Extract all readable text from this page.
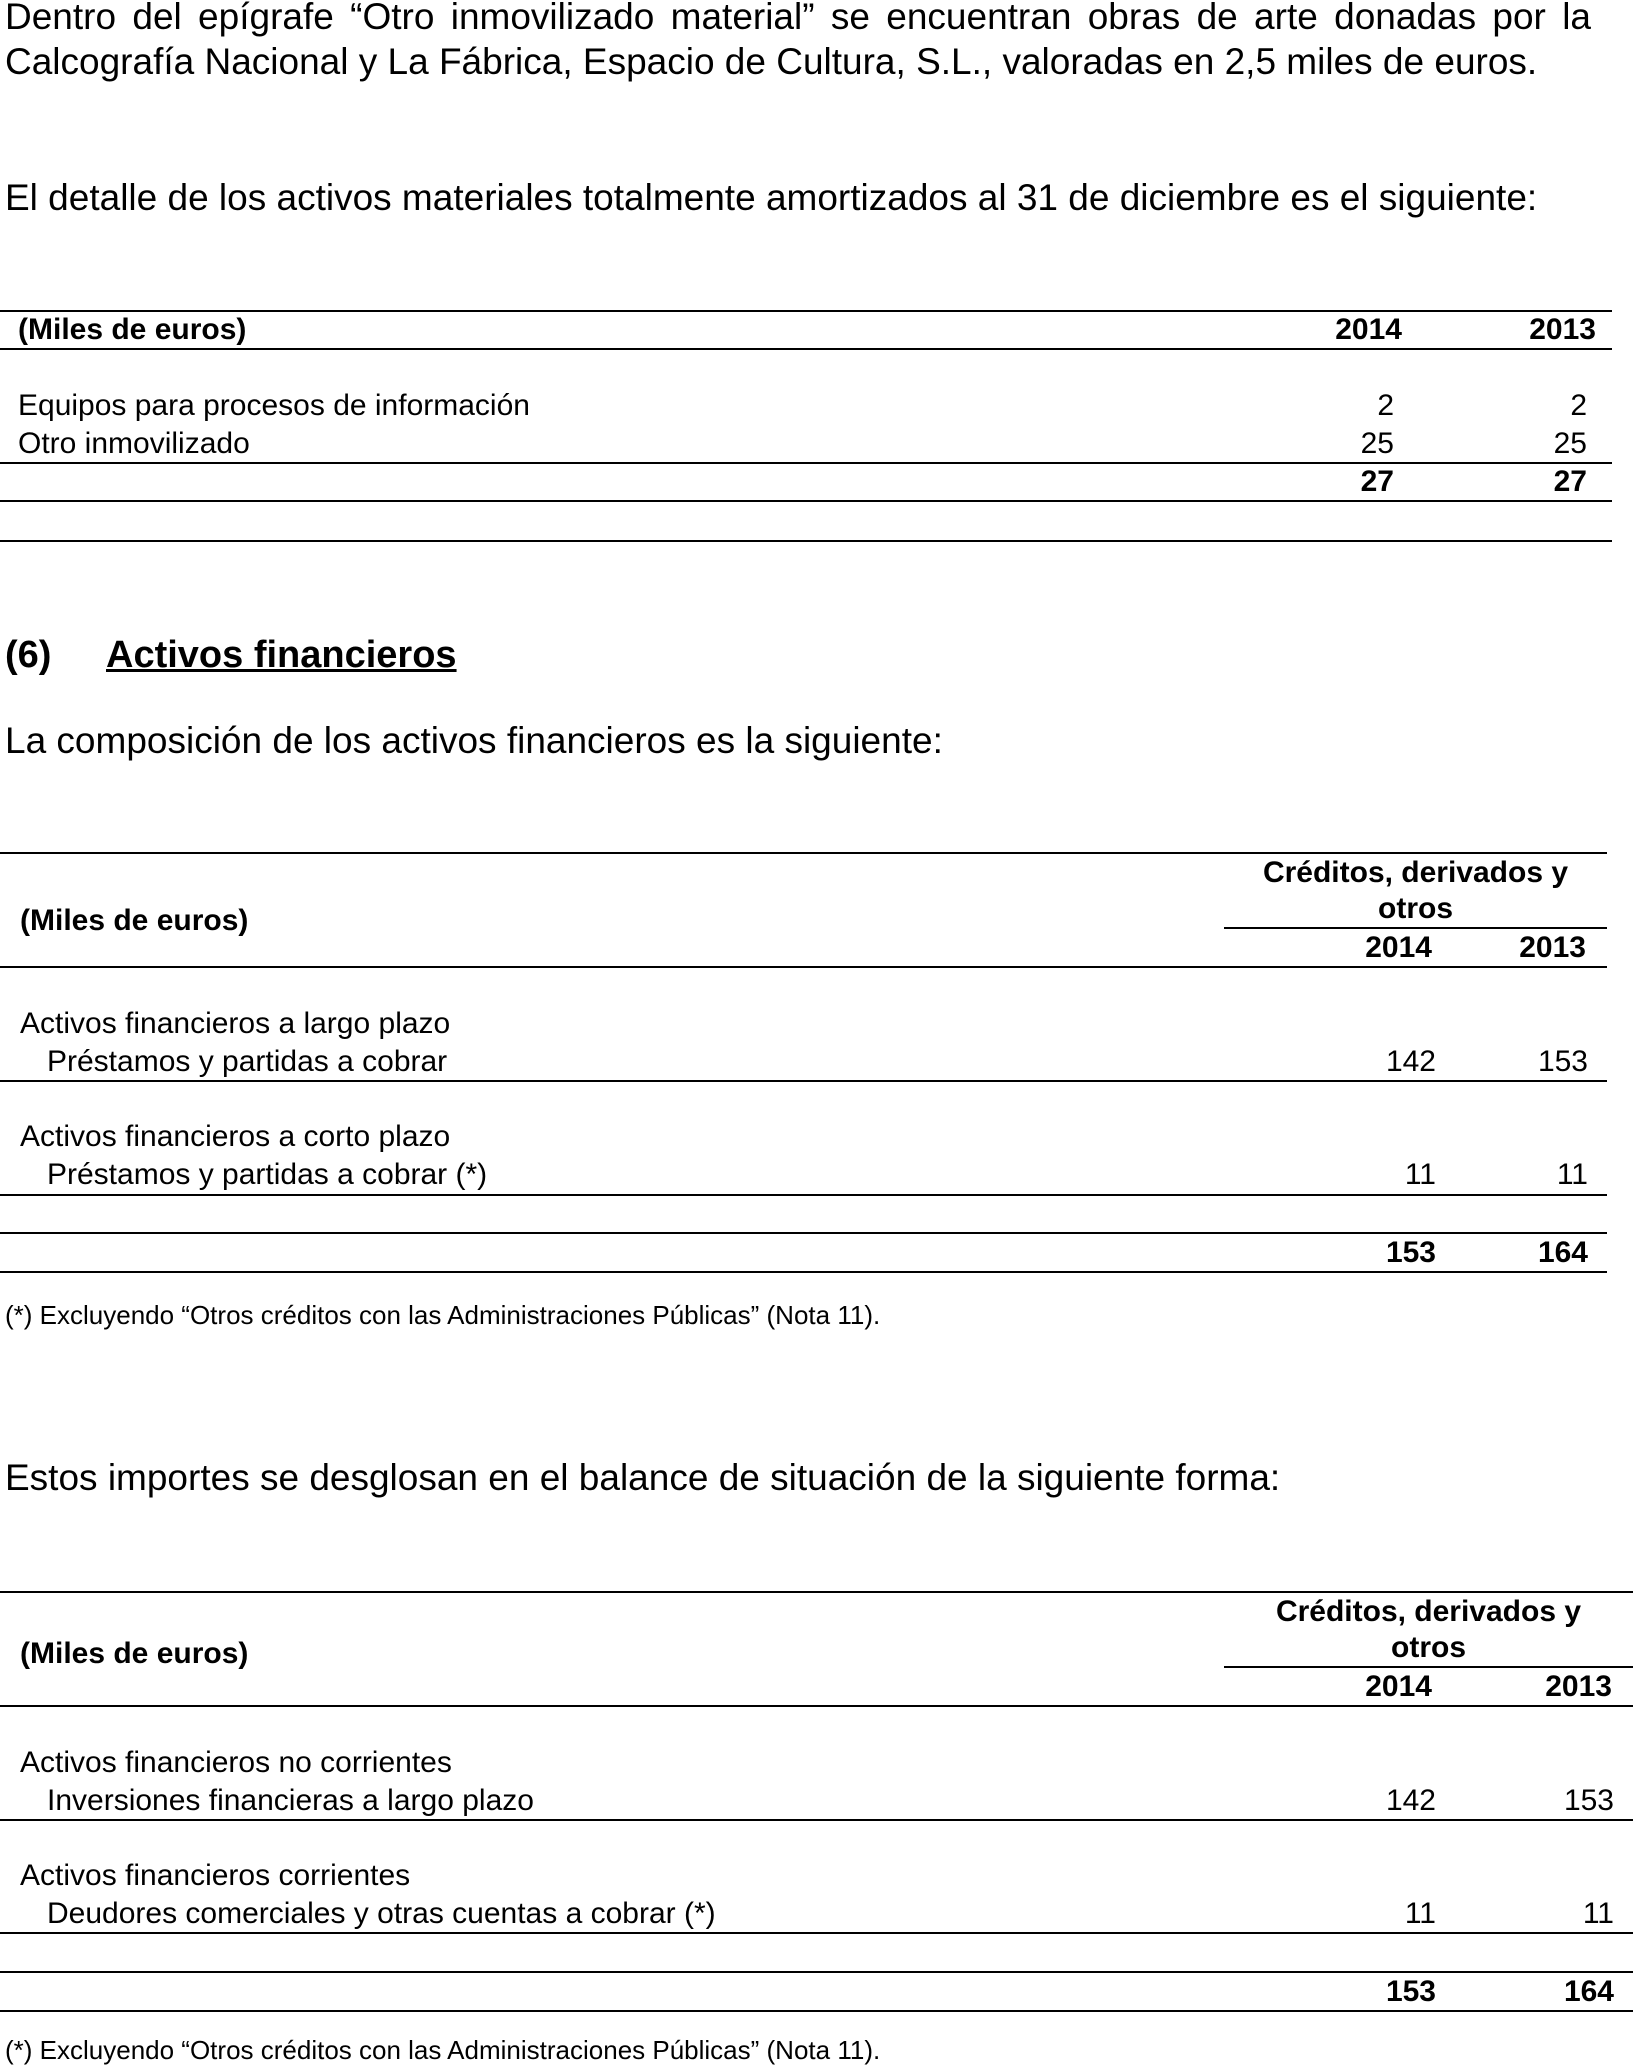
Dentro del epígrafe “Otro inmovilizado material” se encuentran obras de arte donadas por la Calcografía Nacional y La Fábrica, Espacio de Cultura, S.L., valoradas en 2,5 miles de euros.

El detalle de los activos materiales totalmente amortizados al 31 de diciembre es el siguiente:

(Miles de euros)	2014	2013
Equipos para procesos de información	2	2
Otro inmovilizado	25	25
27	27
(6) Activos financieros

La composición de los activos financieros es la siguiente:

Créditos, derivados y
otros
(Miles de euros)
2014	2013
Activos financieros a largo plazo
Préstamos y partidas a cobrar	142	153
Activos financieros a corto plazo
Préstamos y partidas a cobrar (*)	11	11
153	164
(*) Excluyendo “Otros créditos con las Administraciones Públicas” (Nota 11).

Estos importes se desglosan en el balance de situación de la siguiente forma:

Créditos, derivados y
otros
(Miles de euros)
2014	2013
Activos financieros no corrientes
Inversiones financieras a largo plazo	142	153
Activos financieros corrientes
Deudores comerciales y otras cuentas a cobrar (*)	11	11
153	164
(*) Excluyendo “Otros créditos con las Administraciones Públicas” (Nota 11).
